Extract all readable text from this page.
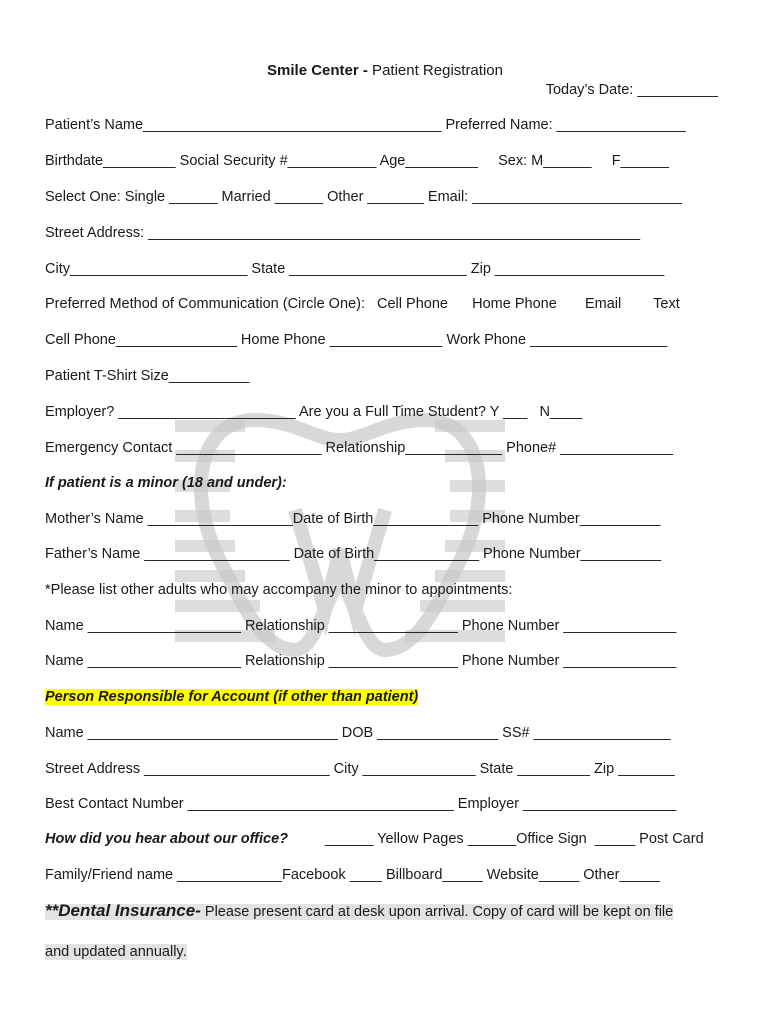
Smile Center - Patient Registration
Today’s Date: __________
Patient’s Name_____________________________________ Preferred Name: ________________
Birthdate_________ Social Security #___________ Age_________     Sex: M______     F______
Select One: Single ______ Married ______ Other _______ Email: __________________________
Street Address: _____________________________________________________________
City______________________ State ______________________ Zip _____________________
Preferred Method of Communication (Circle One):   Cell Phone      Home Phone       Email        Text
Cell Phone_______________ Home Phone ______________ Work Phone _________________
Patient T-Shirt Size__________
Employer? ______________________ Are you a Full Time Student? Y ___   N____
Emergency Contact __________________ Relationship____________ Phone# ______________
If patient is a minor (18 and under):
Mother’s Name __________________Date of Birth_____________ Phone Number__________
Father’s Name __________________ Date of Birth_____________ Phone Number__________
*Please list other adults who may accompany the minor to appointments:
Name ___________________ Relationship ________________ Phone Number ______________
Name ___________________ Relationship ________________ Phone Number ______________
Person Responsible for Account (if other than patient)
Name _______________________________ DOB _______________ SS# _________________
Street Address _______________________ City ______________ State _________ Zip _______
Best Contact Number _________________________________ Employer ___________________
How did you hear about our office?	______ Yellow Pages ______Office Sign  _____ Post Card
Family/Friend name _____________Facebook ____ Billboard_____ Website_____ Other_____
**Dental Insurance- Please present card at desk upon arrival. Copy of card will be kept on file
and updated annually.
